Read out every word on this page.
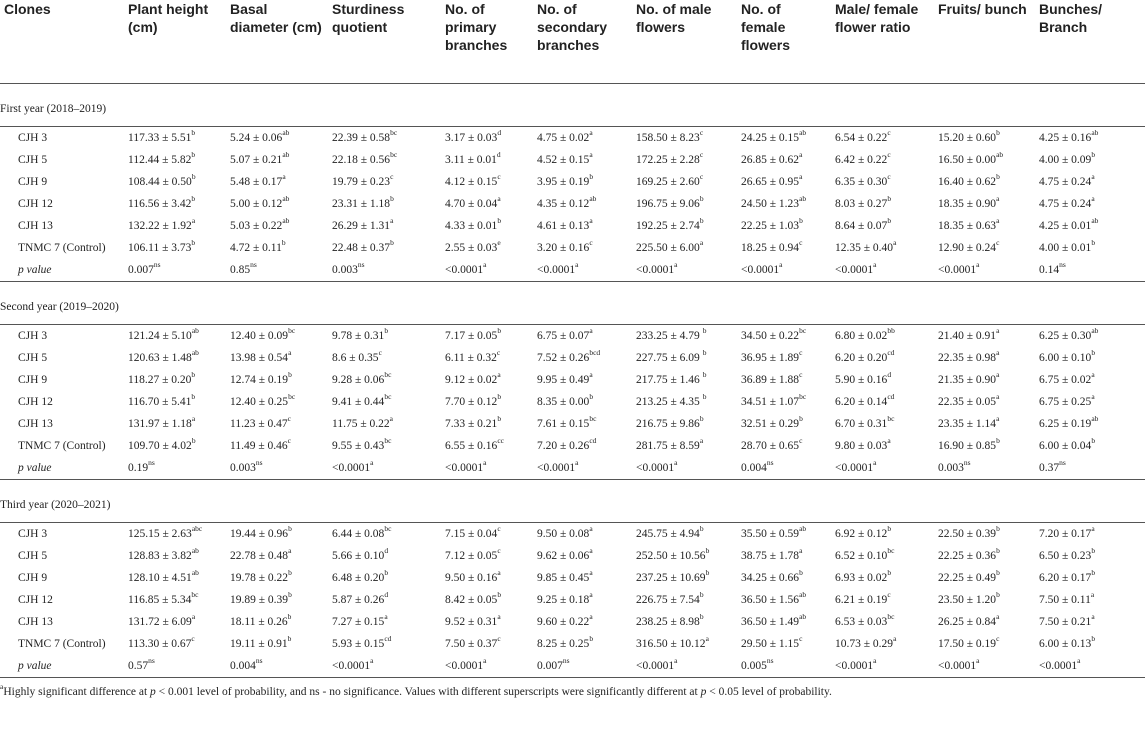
Clones	Plant height (cm)	Basal diameter (cm)	Sturdiness quotient	No. of primary branches	No. of secondary branches	No. of male flowers	No. of female flowers	Male/ female flower ratio	Fruits/ bunch	Bunches/ Branch

First year (2018–2019)										
CJH 3	117.33 ± 5.51$^b$	5.24 ± 0.06$^{ab}$	22.39 ± 0.58$^{bc}$	3.17 ± 0.03$^d$	4.75 ± 0.02$^a$	158.50 ± 8.23$^c$	24.25 ± 0.15$^{ab}$	6.54 ± 0.22$^c$	15.20 ± 0.60$^b$	4.25 ± 0.16$^{ab}$
CJH 5	112.44 ± 5.82$^b$	5.07 ± 0.21$^{ab}$	22.18 ± 0.56$^{bc}$	3.11 ± 0.01$^d$	4.52 ± 0.15$^a$	172.25 ± 2.28$^c$	26.85 ± 0.62$^a$	6.42 ± 0.22$^c$	16.50 ± 0.00$^{ab}$	4.00 ± 0.09$^b$
CJH 9	108.44 ± 0.50$^b$	5.48 ± 0.17$^a$	19.79 ± 0.23$^c$	4.12 ± 0.15$^c$	3.95 ± 0.19$^b$	169.25 ± 2.60$^c$	26.65 ± 0.95$^a$	6.35 ± 0.30$^c$	16.40 ± 0.62$^b$	4.75 ± 0.24$^a$
CJH 12	116.56 ± 3.42$^b$	5.00 ± 0.12$^{ab}$	23.31 ± 1.18$^b$	4.70 ± 0.04$^a$	4.35 ± 0.12$^{ab}$	196.75 ± 9.06$^b$	24.50 ± 1.23$^{ab}$	8.03 ± 0.27$^b$	18.35 ± 0.90$^a$	4.75 ± 0.24$^a$
CJH 13	132.22 ± 1.92$^a$	5.03 ± 0.22$^{ab}$	26.29 ± 1.31$^a$	4.33 ± 0.01$^b$	4.61 ± 0.13$^a$	192.25 ± 2.74$^b$	22.25 ± 1.03$^b$	8.64 ± 0.07$^b$	18.35 ± 0.63$^a$	4.25 ± 0.01$^{ab}$
TNMC 7 (Control)	106.11 ± 3.73$^b$	4.72 ± 0.11$^b$	22.48 ± 0.37$^b$	2.55 ± 0.03$^e$	3.20 ± 0.16$^c$	225.50 ± 6.00$^a$	18.25 ± 0.94$^c$	12.35 ± 0.40$^a$	12.90 ± 0.24$^c$	4.00 ± 0.01$^b$
p value	$0.007^{ns}$	$0.85^{ns}$	$0.003^{ns}$	<0.0001$^a$	<0.0001$^a$	<0.0001$^a$	<0.0001$^a$	<0.0001$^a$	<0.0001$^a$	$0.14^{ns}$

Second year (2019–2020)										
CJH 3	121.24 ± 5.10$^{ab}$	12.40 ± 0.09$^{bc}$	9.78 ± 0.31$^b$	7.17 ± 0.05$^b$	6.75 ± 0.07$^a$	233.25 ± 4.79 $^b$	34.50 ± 0.22$^{bc}$	6.80 ± 0.02$^{bb}$	21.40 ± 0.91$^a$	6.25 ± 0.30$^{ab}$
CJH 5	120.63 ± 1.48$^{ab}$	13.98 ± 0.54$^a$	8.6 ± 0.35$^c$	6.11 ± 0.32$^c$	7.52 ± 0.26$^{bcd}$	227.75 ± 6.09 $^b$	36.95 ± 1.89$^c$	6.20 ± 0.20$^{cd}$	22.35 ± 0.98$^a$	6.00 ± 0.10$^b$
CJH 9	118.27 ± 0.20$^b$	12.74 ± 0.19$^b$	9.28 ± 0.06$^{bc}$	9.12 ± 0.02$^a$	9.95 ± 0.49$^a$	217.75 ± 1.46 $^b$	36.89 ± 1.88$^c$	5.90 ± 0.16$^d$	21.35 ± 0.90$^a$	6.75 ± 0.02$^a$
CJH 12	116.70 ± 5.41$^b$	12.40 ± 0.25$^{bc}$	9.41 ± 0.44$^{bc}$	7.70 ± 0.12$^b$	8.35 ± 0.00$^b$	213.25 ± 4.35 $^b$	34.51 ± 1.07$^{bc}$	6.20 ± 0.14$^{cd}$	22.35 ± 0.05$^a$	6.75 ± 0.25$^a$
CJH 13	131.97 ± 1.18$^a$	11.23 ± 0.47$^c$	11.75 ± 0.22$^a$	7.33 ± 0.21$^b$	7.61 ± 0.15$^{bc}$	216.75 ± 9.86$^b$	32.51 ± 0.29$^b$	6.70 ± 0.31$^{bc}$	23.35 ± 1.14$^a$	6.25 ± 0.19$^{ab}$
TNMC 7 (Control)	109.70 ± 4.02$^b$	11.49 ± 0.46$^c$	9.55 ± 0.43$^{bc}$	6.55 ± 0.16$^{cc}$	7.20 ± 0.26$^{cd}$	281.75 ± 8.59$^a$	28.70 ± 0.65$^c$	9.80 ± 0.03$^a$	16.90 ± 0.85$^b$	6.00 ± 0.04$^b$
p value	$0.19^{ns}$	$0.003^{ns}$	<0.0001$^a$	<0.0001$^a$	<0.0001$^a$	<0.0001$^a$	$0.004^{ns}$	<0.0001$^a$	$0.003^{ns}$	$0.37^{ns}$

Third year (2020–2021)										
CJH 3	125.15 ± 2.63$^{abc}$	19.44 ± 0.96$^b$	6.44 ± 0.08$^{bc}$	7.15 ± 0.04$^c$	9.50 ± 0.08$^a$	245.75 ± 4.94$^b$	35.50 ± 0.59$^{ab}$	6.92 ± 0.12$^b$	22.50 ± 0.39$^b$	7.20 ± 0.17$^a$
CJH 5	128.83 ± 3.82$^{ab}$	22.78 ± 0.48$^a$	5.66 ± 0.10$^d$	7.12 ± 0.05$^c$	9.62 ± 0.06$^a$	252.50 ± 10.56$^b$	38.75 ± 1.78$^a$	6.52 ± 0.10$^{bc}$	22.25 ± 0.36$^b$	6.50 ± 0.23$^b$
CJH 9	128.10 ± 4.51$^{ab}$	19.78 ± 0.22$^b$	6.48 ± 0.20$^b$	9.50 ± 0.16$^a$	9.85 ± 0.45$^a$	237.25 ± 10.69$^b$	34.25 ± 0.66$^b$	6.93 ± 0.02$^b$	22.25 ± 0.49$^b$	6.20 ± 0.17$^b$
CJH 12	116.85 ± 5.34$^{bc}$	19.89 ± 0.39$^b$	5.87 ± 0.26$^d$	8.42 ± 0.05$^b$	9.25 ± 0.18$^a$	226.75 ± 7.54$^b$	36.50 ± 1.56$^{ab}$	6.21 ± 0.19$^c$	23.50 ± 1.20$^b$	7.50 ± 0.11$^a$
CJH 13	131.72 ± 6.09$^a$	18.11 ± 0.26$^b$	7.27 ± 0.15$^a$	9.52 ± 0.31$^a$	9.60 ± 0.22$^a$	238.25 ± 8.98$^b$	36.50 ± 1.49$^{ab}$	6.53 ± 0.03$^{bc}$	26.25 ± 0.84$^a$	7.50 ± 0.21$^a$
TNMC 7 (Control)	113.30 ± 0.67$^c$	19.11 ± 0.91$^b$	5.93 ± 0.15$^{cd}$	7.50 ± 0.37$^c$	8.25 ± 0.25$^b$	316.50 ± 10.12$^a$	29.50 ± 1.15$^c$	10.73 ± 0.29$^a$	17.50 ± 0.19$^c$	6.00 ± 0.13$^b$
p value	$0.57^{ns}$	$0.004^{ns}$	<0.0001$^a$	<0.0001$^a$	$0.007^{ns}$	<0.0001$^a$	$0.005^{ns}$	<0.0001$^a$	<0.0001$^a$	<0.0001$^a$

$^a$Highly significant difference at p < 0.001 level of probability, and ns - no significance. Values with different superscripts were significantly different at p < 0.05 level of probability.
